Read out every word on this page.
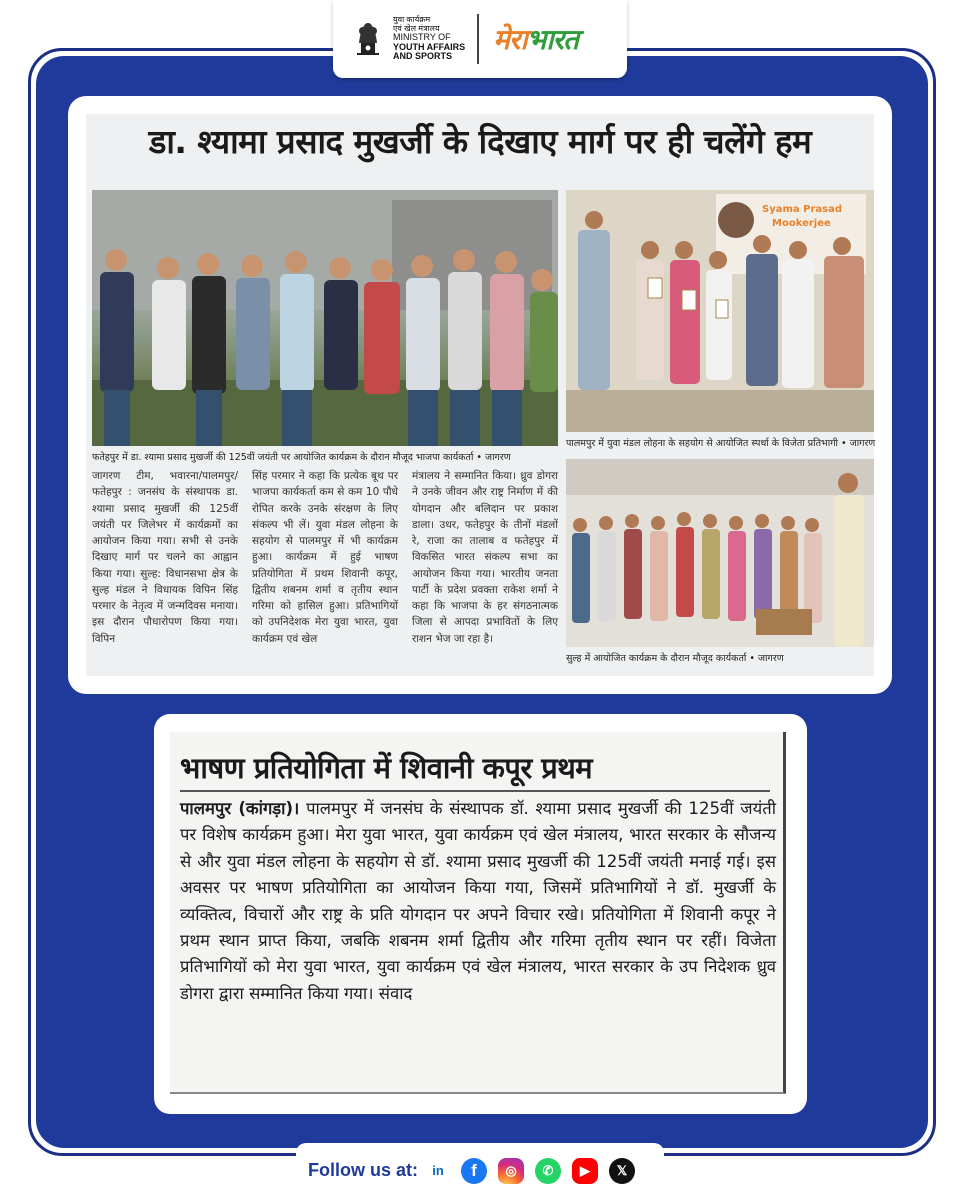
युवा कार्यक्रम
एवं खेल मंत्रालय
MINISTRY OF
YOUTH AFFAIRS
AND SPORTS
मेराभारत
डा. श्यामा प्रसाद मुखर्जी के दिखाए मार्ग पर ही चलेंगे हम
फतेहपुर में डा. श्यामा प्रसाद मुखर्जी की 125वीं जयंती पर आयोजित कार्यक्रम के दौरान मौजूद भाजपा कार्यकर्ता • जागरण
जागरण टीम, भवारना/पालमपुर/फतेहपुर : जनसंघ के संस्थापक डा. श्यामा प्रसाद मुखर्जी की 125वीं जयंती पर जिलेभर में कार्यक्रमों का आयोजन किया गया। सभी से उनके दिखाए मार्ग पर चलने का आह्वान किया गया। सुल्ह: विधानसभा क्षेत्र के सुल्ह मंडल ने विधायक विपिन सिंह परमार के नेतृत्व में जन्मदिवस मनाया। इस दौरान पौधारोपण किया गया। विपिन
सिंह परमार ने कहा कि प्रत्येक बूथ पर भाजपा कार्यकर्ता कम से कम 10 पौधे रोपित करके उनके संरक्षण के लिए संकल्प भी लें। युवा मंडल लोहना के सहयोग से पालमपुर में भी कार्यक्रम हुआ। कार्यक्रम में हुई भाषण प्रतियोगिता में प्रथम शिवानी कपूर, द्वितीय शबनम शर्मा व तृतीय स्थान गरिमा को हासिल हुआ। प्रतिभागियों को उपनिदेशक मेरा युवा भारत, युवा कार्यक्रम एवं खेल
मंत्रालय ने सम्मानित किया। ध्रुव डोगरा ने उनके जीवन और राष्ट्र निर्माण में की योगदान और बलिदान पर प्रकाश डाला। उधर, फतेहपुर के तीनों मंडलों रे, राजा का तालाब व फतेहपुर में विकसित भारत संकल्प सभा का आयोजन किया गया। भारतीय जनता पार्टी के प्रदेश प्रवक्ता राकेश शर्मा ने कहा कि भाजपा के हर संगठनात्मक जिला से आपदा प्रभावितों के लिए राशन भेज जा रहा है।
Syama Prasad
Mookerjee
पालमपुर में युवा मंडल लोहना के सहयोग से आयोजित स्पर्धा के विजेता प्रतिभागी • जागरण
सुल्ह में आयोजित कार्यक्रम के दौरान मौजूद कार्यकर्ता • जागरण
भाषण प्रतियोगिता में शिवानी कपूर प्रथम
पालमपुर (कांगड़ा)। पालमपुर में जनसंघ के संस्थापक डॉ. श्यामा प्रसाद मुखर्जी की 125वीं जयंती पर विशेष कार्यक्रम हुआ। मेरा युवा भारत, युवा कार्यक्रम एवं खेल मंत्रालय, भारत सरकार के सौजन्य से और युवा मंडल लोहना के सहयोग से डॉ. श्यामा प्रसाद मुखर्जी की 125वीं जयंती मनाई गई। इस अवसर पर भाषण प्रतियोगिता का आयोजन किया गया, जिसमें प्रतिभागियों ने डॉ. मुखर्जी के व्यक्तित्व, विचारों और राष्ट्र के प्रति योगदान पर अपने विचार रखे। प्रतियोगिता में शिवानी कपूर ने प्रथम स्थान प्राप्त किया, जबकि शबनम शर्मा द्वितीय और गरिमा तृतीय स्थान पर रहीं। विजेता प्रतिभागियों को मेरा युवा भारत, युवा कार्यक्रम एवं खेल मंत्रालय, भारत सरकार के उप निदेशक ध्रुव डोगरा द्वारा सम्मानित किया गया। संवाद
Follow us at:	in	f	◎	✆	▶	𝕏
